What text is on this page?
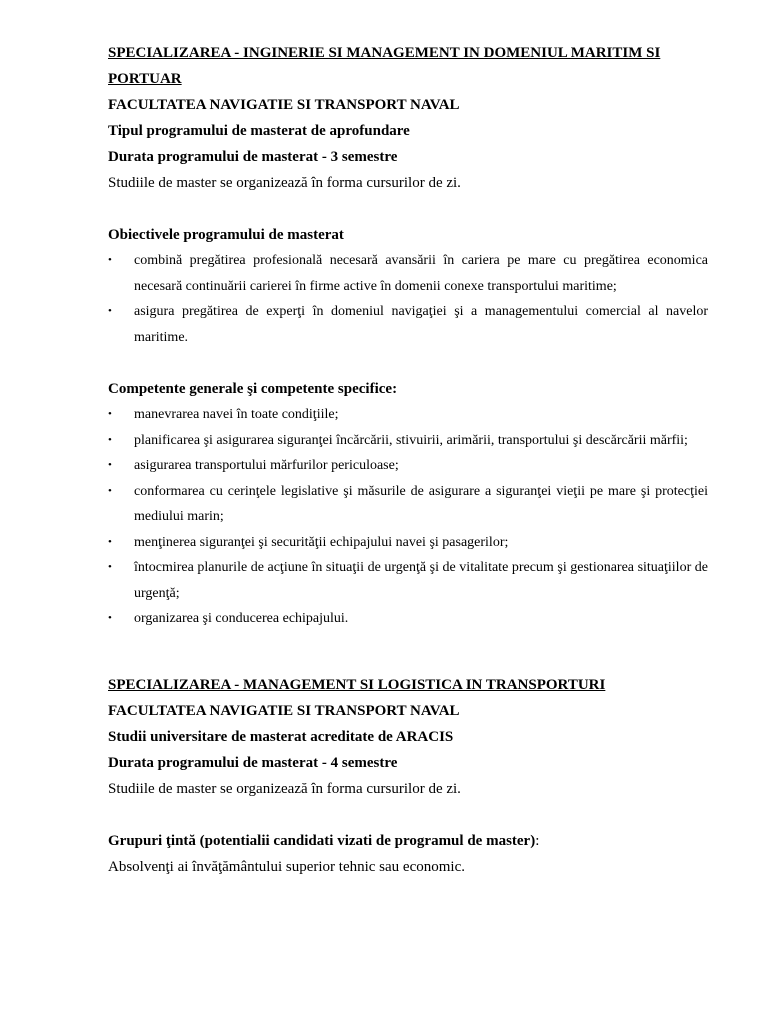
SPECIALIZAREA - INGINERIE SI MANAGEMENT IN DOMENIUL MARITIM SI PORTUAR

FACULTATEA NAVIGATIE SI TRANSPORT NAVAL

Tipul programului de masterat de aprofundare

Durata programului de masterat - 3 semestre

Studiile de master se organizează în forma cursurilor de zi.

Obiectivele programului de masterat

• combină pregătirea profesională necesară avansării în cariera pe mare cu pregătirea economica necesară continuării carierei în firme active în domenii conexe transportului maritime;
• asigura pregătirea de experţi în domeniul navigaţiei şi a managementului comercial al navelor maritime.

Competente generale şi competente specifice:

• manevrarea navei în toate condiţiile;
• planificarea şi asigurarea siguranţei încărcării, stivuirii, arimării, transportului şi descărcării mărfii;
• asigurarea transportului mărfurilor periculoase;
• conformarea cu cerinţele legislative şi măsurile de asigurare a siguranţei vieţii pe mare şi protecţiei mediului marin;
• menţinerea siguranţei şi securităţii echipajului navei şi pasagerilor;
• întocmirea planurile de acţiune în situaţii de urgenţă şi de vitalitate precum şi gestionarea situaţiilor de urgenţă;
• organizarea şi conducerea echipajului.

SPECIALIZAREA - MANAGEMENT SI LOGISTICA IN TRANSPORTURI

FACULTATEA NAVIGATIE SI TRANSPORT NAVAL

Studii universitare de masterat acreditate de ARACIS

Durata programului de masterat - 4 semestre

Studiile de master se organizează în forma cursurilor de zi.

Grupuri ţintă (potentialii candidati vizati de programul de master):

Absolvenţi ai învăţământului superior tehnic sau economic.
